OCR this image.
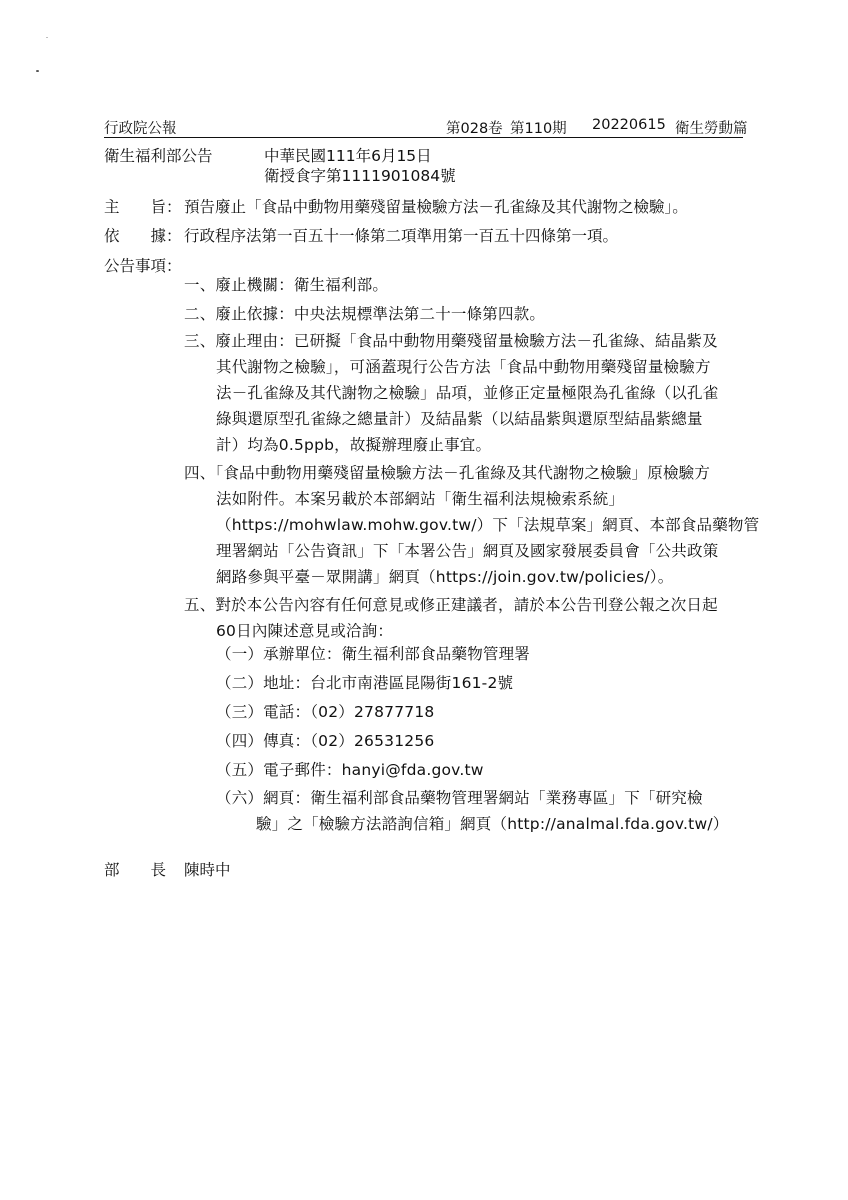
行政院公報	第028卷 第110期 20220615 衛生勞動篇
衛生福利部公告	中華民國111年6月15日
衛授食字第1111901084號
主　　旨： 預告廢止「食品中動物用藥殘留量檢驗方法－孔雀綠及其代謝物之檢驗」。
依　　據： 行政程序法第一百五十一條第二項準用第一百五十四條第一項。
公告事項：
一、廢止機關：衛生福利部。
二、廢止依據：中央法規標準法第二十一條第四款。
三、廢止理由：已研擬「食品中動物用藥殘留量檢驗方法－孔雀綠、結晶紫及
其代謝物之檢驗」，可涵蓋現行公告方法「食品中動物用藥殘留量檢驗方
法－孔雀綠及其代謝物之檢驗」品項，並修正定量極限為孔雀綠（以孔雀
綠與還原型孔雀綠之總量計）及結晶紫（以結晶紫與還原型結晶紫總量
計）均為0.5ppb，故擬辦理廢止事宜。
四、「食品中動物用藥殘留量檢驗方法－孔雀綠及其代謝物之檢驗」原檢驗方
法如附件。本案另載於本部網站「衛生福利法規檢索系統」
（https://mohwlaw.mohw.gov.tw/）下「法規草案」網頁、本部食品藥物管
理署網站「公告資訊」下「本署公告」網頁及國家發展委員會「公共政策
網路參與平臺－眾開講」網頁（https://join.gov.tw/policies/）。
五、對於本公告內容有任何意見或修正建議者，請於本公告刊登公報之次日起
60日內陳述意見或洽詢：
（一）承辦單位：衛生福利部食品藥物管理署
（二）地址：台北市南港區昆陽街161-2號
（三）電話：（02）27877718
（四）傳真：（02）26531256
（五）電子郵件：hanyi@fda.gov.tw
（六）網頁：衛生福利部食品藥物管理署網站「業務專區」下「研究檢
驗」之「檢驗方法諮詢信箱」網頁（http://analmal.fda.gov.tw/）
部　　長 陳時中
